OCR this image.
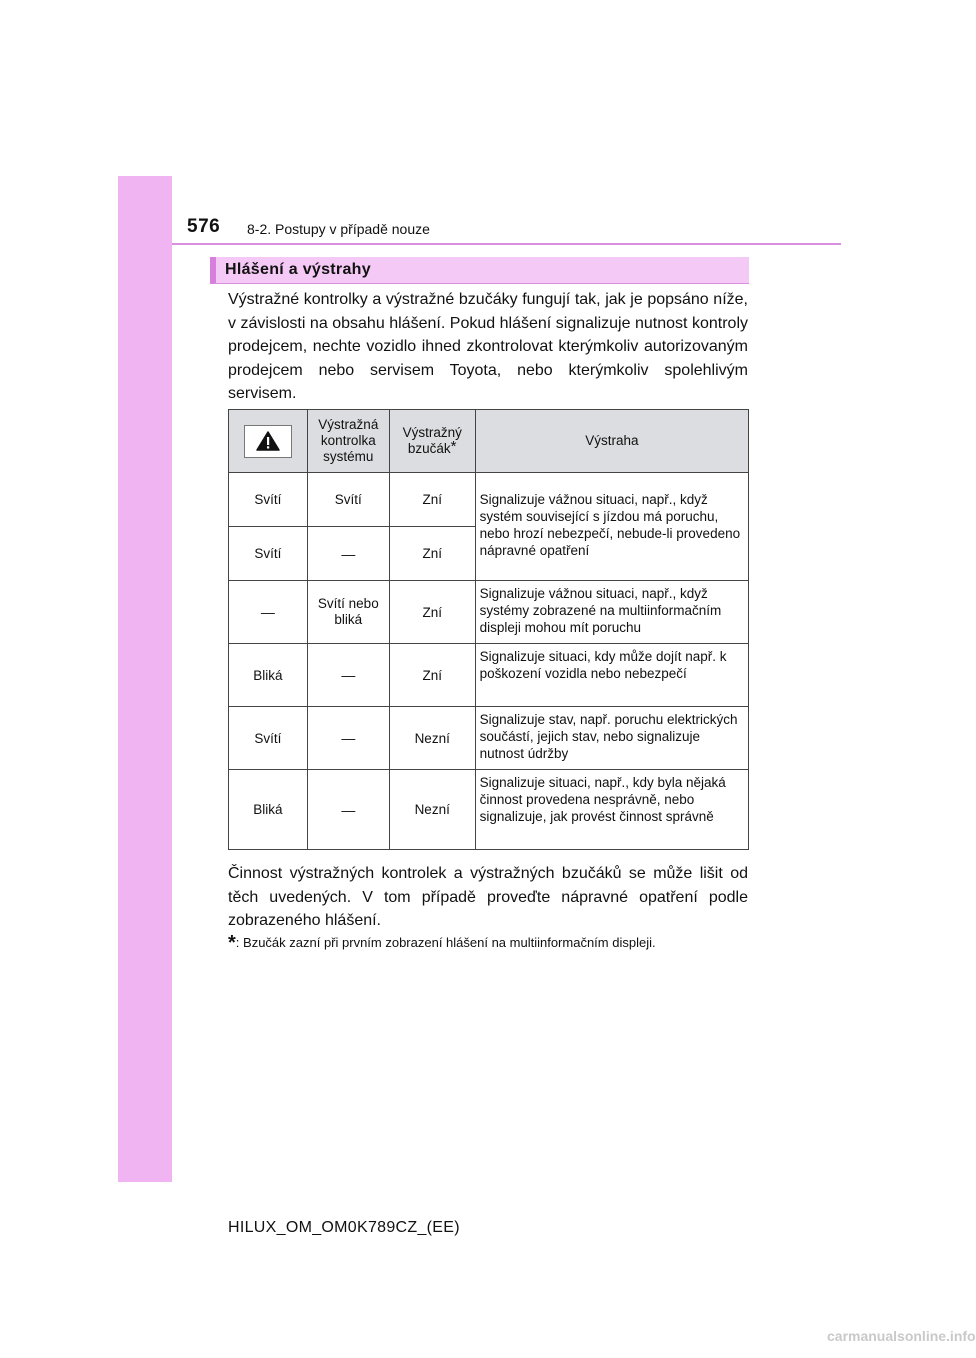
576 8-2. Postupy v případě nouze
Hlášení a výstrahy
Výstražné kontrolky a výstražné bzučáky fungují tak, jak je popsáno níže, v závislosti na obsahu hlášení. Pokud hlášení signalizuje nutnost kontroly prodejcem, nechte vozidlo ihned zkontrolovat kterýmkoliv autorizovaným prodejcem nebo servisem Toyota, nebo kterýmkoliv spolehlivým servisem.
	Výstražná kontrolka systému	Výstražný bzučák*	Výstraha
Svítí	Svítí	Zní	Signalizuje vážnou situaci, např., když systém související s jízdou má poruchu, nebo hrozí nebezpečí, nebude-li provedeno nápravné opatření
Svítí	—	Zní	
—	Svítí nebo bliká	Zní	Signalizuje vážnou situaci, např., když systémy zobrazené na multiinformačním displeji mohou mít poruchu
Bliká	—	Zní	Signalizuje situaci, kdy může dojít např. k poškození vozidla nebo nebezpečí
Svítí	—	Nezní	Signalizuje stav, např. poruchu elektrických součástí, jejich stav, nebo signalizuje nutnost údržby
Bliká	—	Nezní	Signalizuje situaci, např., kdy byla nějaká činnost provedena nesprávně, nebo signalizuje, jak provést činnost správně
Činnost výstražných kontrolek a výstražných bzučáků se může lišit od těch uvedených. V tom případě proveďte nápravné opatření podle zobrazeného hlášení.
*: Bzučák zazní při prvním zobrazení hlášení na multiinformačním displeji.
HILUX_OM_OM0K789CZ_(EE)
carmanualsonline.info
